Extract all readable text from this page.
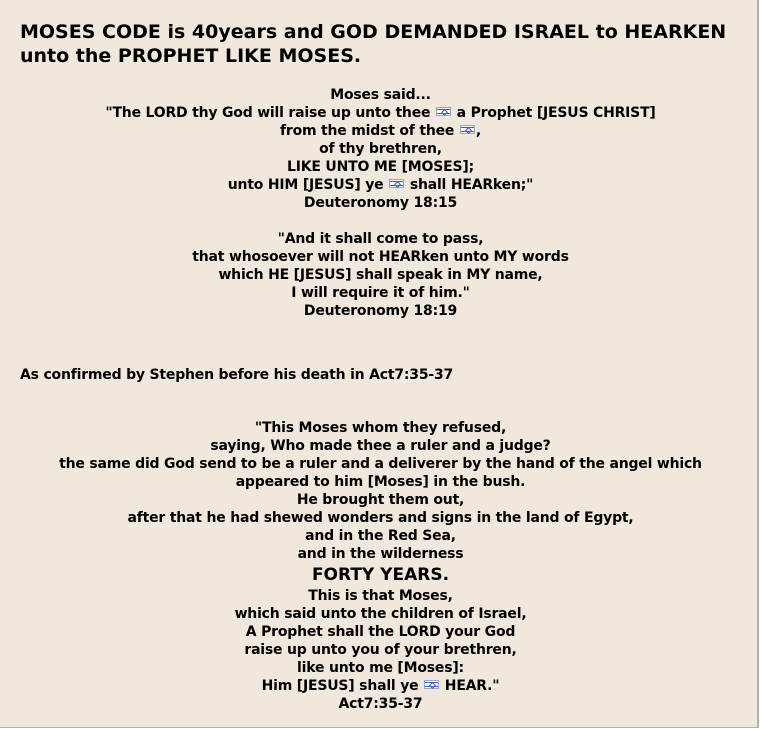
MOSES CODE is 40years and GOD DEMANDED ISRAEL to HEARKEN unto the PROPHET LIKE MOSES.
Moses said...
"The LORD thy God will raise up unto thee a Prophet [JESUS CHRIST]
from the midst of thee ,
of thy brethren,
LIKE UNTO ME [MOSES];
unto HIM [JESUS] ye shall HEARken;"
Deuteronomy 18:15
"And it shall come to pass,
that whosoever will not HEARken unto MY words
which HE [JESUS] shall speak in MY name,
I will require it of him."
Deuteronomy 18:19

As confirmed by Stephen before his death in Act7:35-37

"This Moses whom they refused,
saying, Who made thee a ruler and a judge?
the same did God send to be a ruler and a deliverer by the hand of the angel which appeared to him [Moses] in the bush.
He brought them out,
after that he had shewed wonders and signs in the land of Egypt,
and in the Red Sea,
and in the wilderness
FORTY YEARS.
This is that Moses,
which said unto the children of Israel,
A Prophet shall the LORD your God
raise up unto you of your brethren,
like unto me [Moses]:
Him [JESUS] shall ye HEAR."
Act7:35-37
